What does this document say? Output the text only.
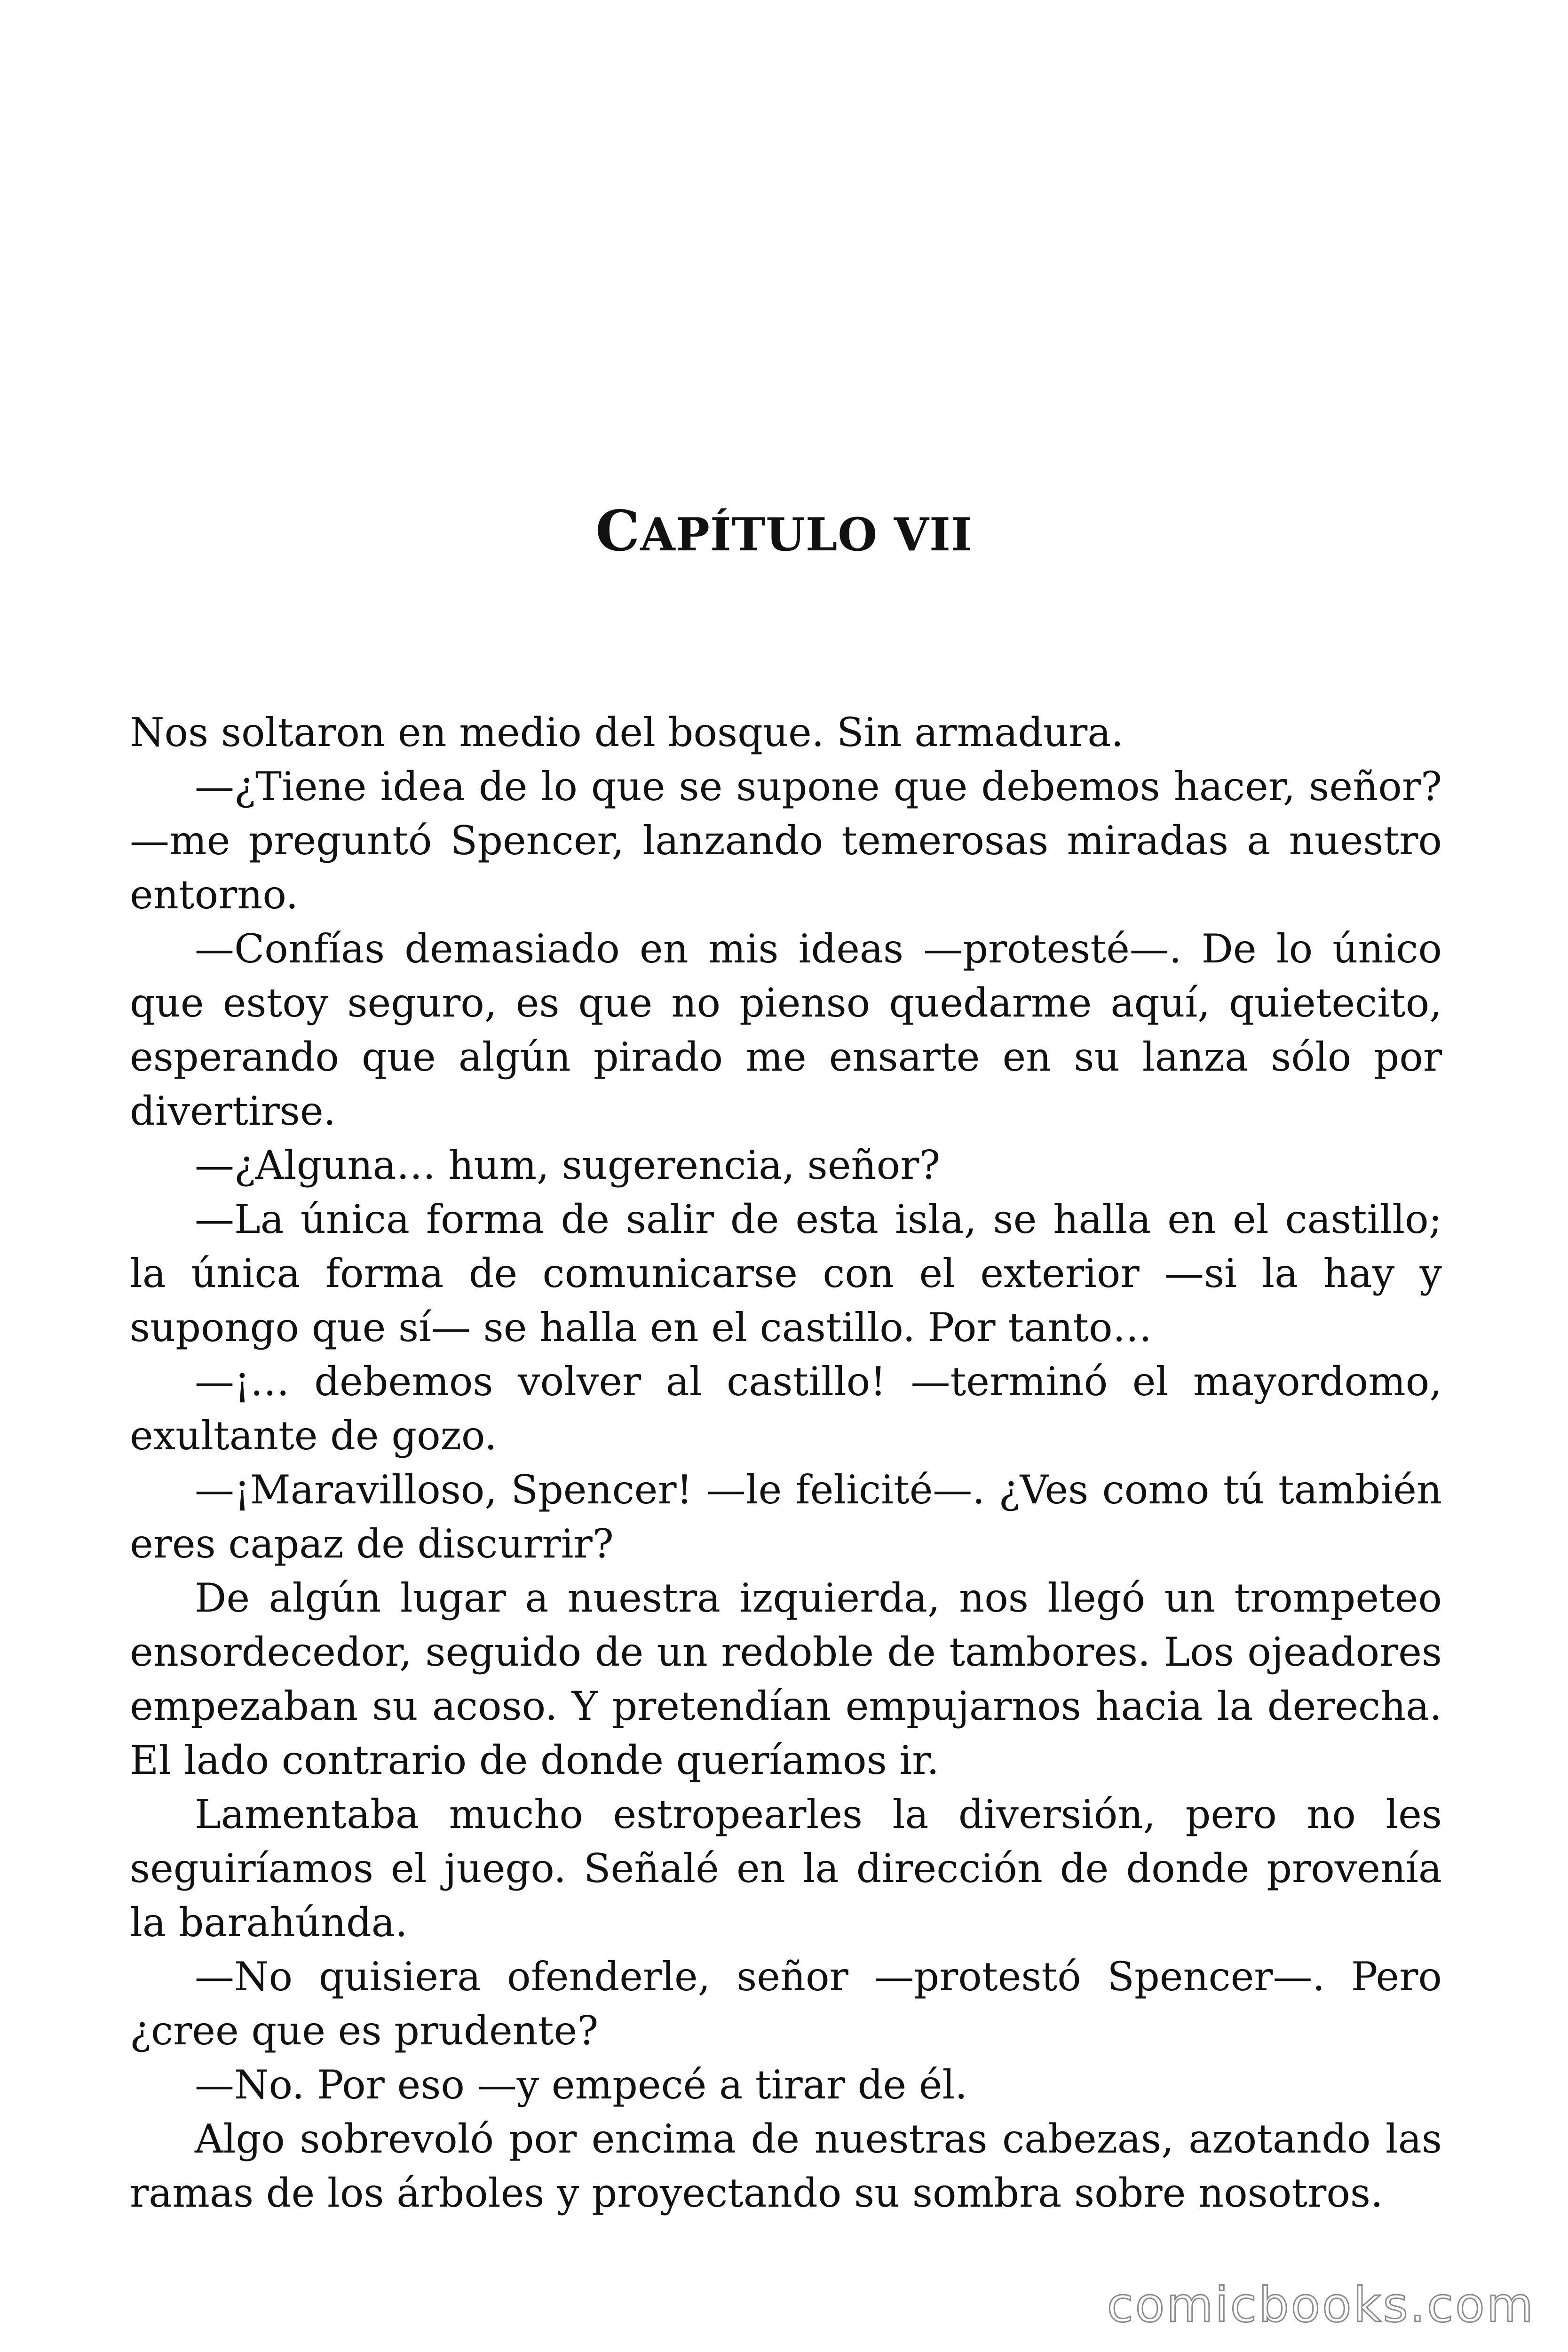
CAPÍTULO VII

Nos soltaron en medio del bosque. Sin armadura.

—¿Tiene idea de lo que se supone que debemos hacer, señor? —me preguntó Spencer, lanzando temerosas miradas a nuestro entorno.

—Confías demasiado en mis ideas —protesté—. De lo único que estoy seguro, es que no pienso quedarme aquí, quietecito, esperando que algún pirado me ensarte en su lanza sólo por divertirse.

—¿Alguna… hum, sugerencia, señor?

—La única forma de salir de esta isla, se halla en el castillo; la única forma de comunicarse con el exterior —si la hay y supongo que sí— se halla en el castillo. Por tanto…

—¡… debemos volver al castillo! —terminó el mayordomo, exultante de gozo.

—¡Maravilloso, Spencer! —le felicité—. ¿Ves como tú también eres capaz de discurrir?

De algún lugar a nuestra izquierda, nos llegó un trompeteo ensordecedor, seguido de un redoble de tambores. Los ojeadores empezaban su acoso. Y pretendían empujarnos hacia la derecha. El lado contrario de donde queríamos ir.

Lamentaba mucho estropearles la diversión, pero no les seguiríamos el juego. Señalé en la dirección de donde provenía la barahúnda.

—No quisiera ofenderle, señor —protestó Spencer—. Pero ¿cree que es prudente?

—No. Por eso —y empecé a tirar de él.

Algo sobrevoló por encima de nuestras cabezas, azotando las ramas de los árboles y proyectando su sombra sobre nosotros.

comicbooks.com
